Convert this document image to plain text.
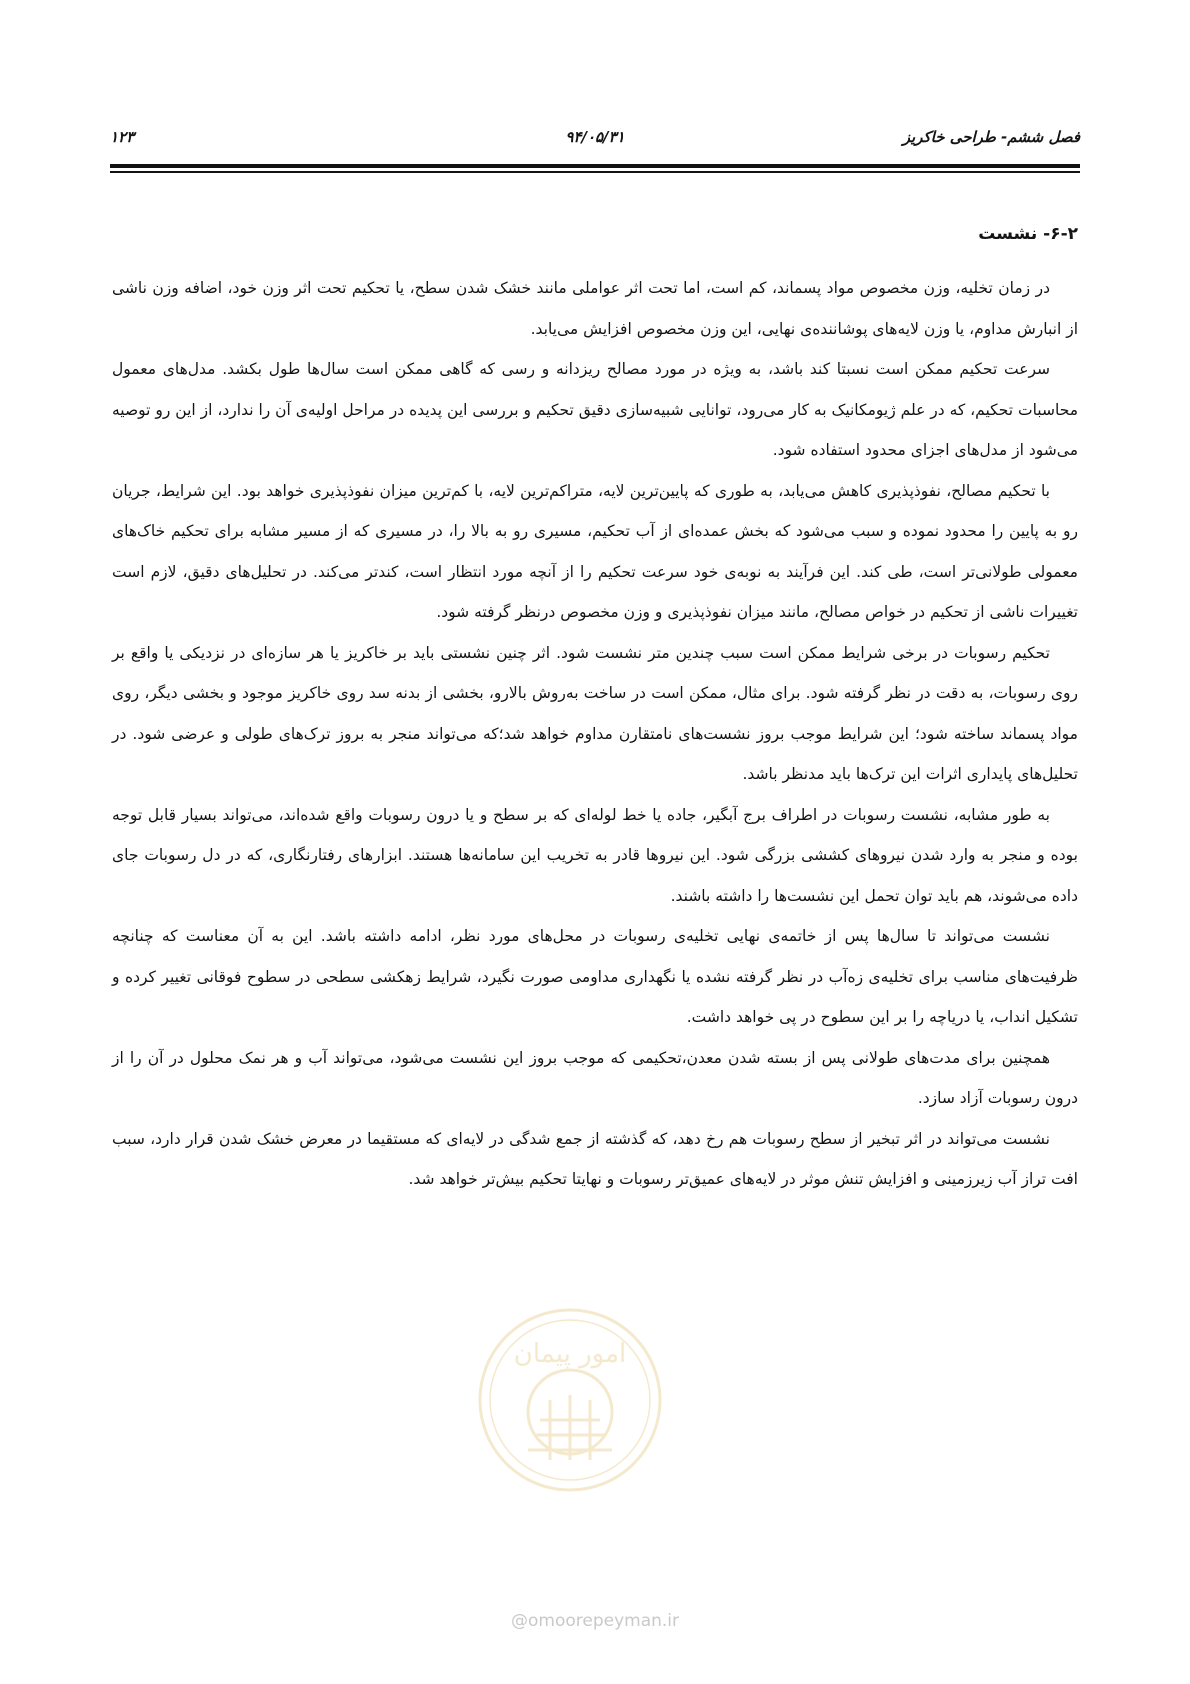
فصل ششم- طراحی خاکریز
۹۴/۰۵/۳۱
۱۲۳
۶-۲- نشست

در زمان تخلیه، وزن مخصوص مواد پسماند، کم است، اما تحت اثر عواملی مانند خشک شدن سطح، یا تحکیم تحت اثر وزن خود، اضافه وزن ناشی از انبارش مداوم، یا وزن لایه‌های پوشاننده‌ی نهایی، این وزن مخصوص افزایش می‌یابد.

سرعت تحکیم ممکن است نسبتا کند باشد، به ویژه در مورد مصالح ریزدانه و رسی که گاهی ممکن است سال‌ها طول بکشد. مدل‌های معمول محاسبات تحکیم، که در علم ژیومکانیک به کار می‌رود، توانایی شبیه‌سازی دقیق تحکیم و بررسی این پدیده در مراحل اولیه‌ی آن را ندارد، از این رو توصیه می‌شود از مدل‌های اجزای محدود استفاده شود.

با تحکیم مصالح، نفوذپذیری کاهش می‌یابد، به طوری که پایین‌ترین لایه، متراکم‌ترین لایه، با کم‌ترین میزان نفوذپذیری خواهد بود. این شرایط، جریان رو به پایین را محدود نموده و سبب می‌شود که بخش عمده‌ای از آب تحکیم، مسیری رو به بالا را، در مسیری که از مسیر مشابه برای تحکیم خاک‌های معمولی طولانی‌تر است، طی کند. این فرآیند به نوبه‌ی خود سرعت تحکیم را از آنچه مورد انتظار است، کندتر می‌کند. در تحلیل‌های دقیق، لازم است تغییرات ناشی از تحکیم در خواص مصالح، مانند میزان نفوذپذیری و وزن مخصوص درنظر گرفته شود.

تحکیم رسوبات در برخی شرایط ممکن است سبب چندین متر نشست شود. اثر چنین نشستی باید بر خاکریز یا هر سازه‌ای در نزدیکی یا واقع بر روی رسوبات، به دقت در نظر گرفته شود. برای مثال، ممکن است در ساخت به‌روش بالارو، بخشی از بدنه سد روی خاکریز موجود و بخشی دیگر، روی مواد پسماند ساخته شود؛ این شرایط موجب بروز نشست‌های نامتقارن مداوم خواهد شد؛که می‌تواند منجر به بروز ترک‌های طولی و عرضی شود. در تحلیل‌های پایداری اثرات این ترک‌ها باید مدنظر باشد.

به طور مشابه، نشست رسوبات در اطراف برج آبگیر، جاده یا خط لوله‌ای که بر سطح و یا درون رسوبات واقع شده‌اند، می‌تواند بسیار قابل توجه بوده و منجر به وارد شدن نیروهای کششی بزرگی شود. این نیروها قادر به تخریب این سامانه‌ها هستند. ابزارهای رفتارنگاری، که در دل رسوبات جای داده می‌شوند، هم باید توان تحمل این نشست‌ها را داشته باشند.

نشست می‌تواند تا سال‌ها پس از خاتمه‌ی نهایی تخلیه‌ی رسوبات در محل‌های مورد نظر، ادامه داشته باشد. این به آن معناست که چنانچه ظرفیت‌های مناسب برای تخلیه‌ی زه‌آب در نظر گرفته نشده یا نگهداری مداومی صورت نگیرد، شرایط زهکشی سطحی در سطوح فوقانی تغییر کرده و تشکیل انداب، یا دریاچه را بر این سطوح در پی خواهد داشت.

همچنین برای مدت‌های طولانی پس از بسته شدن معدن،تحکیمی که موجب بروز این نشست می‌شود، می‌تواند آب و هر نمک محلول در آن را از درون رسوبات آزاد سازد.

نشست می‌تواند در اثر تبخیر از سطح رسوبات هم رخ دهد، که گذشته از جمع شدگی در لایه‌ای که مستقیما در معرض خشک شدن قرار دارد، سبب افت تراز آب زیرزمینی و افزایش تنش موثر در لایه‌های عمیق‌تر رسوبات و نهایتا تحکیم بیش‌تر خواهد شد.

امور پیمان
@omoorepeyman.ir
